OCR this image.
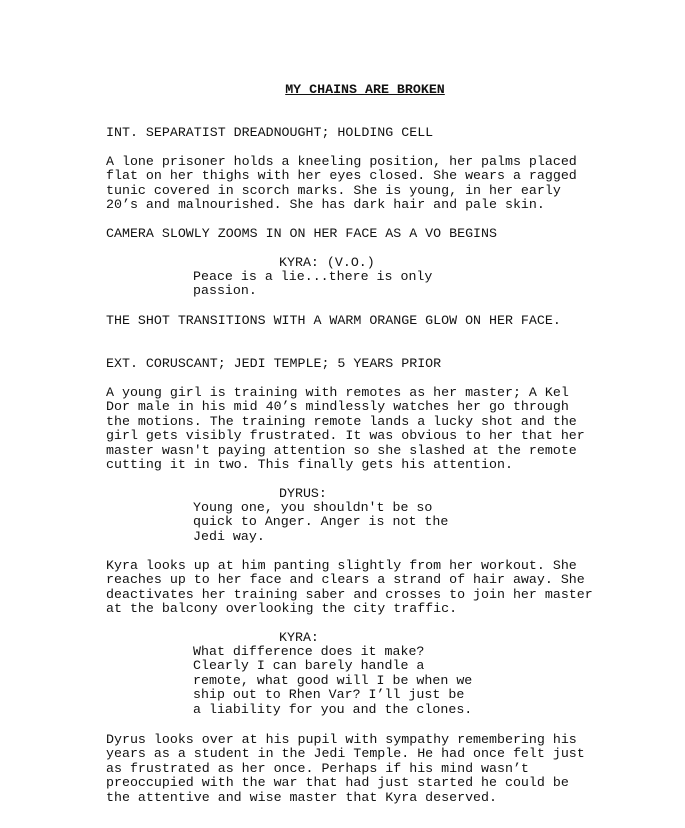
MY CHAINS ARE BROKEN
INT. SEPARATIST DREADNOUGHT; HOLDING CELL
A lone prisoner holds a kneeling position, her palms placed
flat on her thighs with her eyes closed. She wears a ragged
tunic covered in scorch marks. She is young, in her early
20’s and malnourished. She has dark hair and pale skin.
CAMERA SLOWLY ZOOMS IN ON HER FACE AS A VO BEGINS
KYRA: (V.O.)
Peace is a lie...there is only
passion.
THE SHOT TRANSITIONS WITH A WARM ORANGE GLOW ON HER FACE.
EXT. CORUSCANT; JEDI TEMPLE; 5 YEARS PRIOR
A young girl is training with remotes as her master; A Kel
Dor male in his mid 40’s mindlessly watches her go through
the motions. The training remote lands a lucky shot and the
girl gets visibly frustrated. It was obvious to her that her
master wasn't paying attention so she slashed at the remote
cutting it in two. This finally gets his attention.
DYRUS:
Young one, you shouldn't be so
quick to Anger. Anger is not the
Jedi way.
Kyra looks up at him panting slightly from her workout. She
reaches up to her face and clears a strand of hair away. She
deactivates her training saber and crosses to join her master
at the balcony overlooking the city traffic.
KYRA:
What difference does it make?
Clearly I can barely handle a
remote, what good will I be when we
ship out to Rhen Var? I’ll just be
a liability for you and the clones.
Dyrus looks over at his pupil with sympathy remembering his
years as a student in the Jedi Temple. He had once felt just
as frustrated as her once. Perhaps if his mind wasn’t
preoccupied with the war that had just started he could be
the attentive and wise master that Kyra deserved.
